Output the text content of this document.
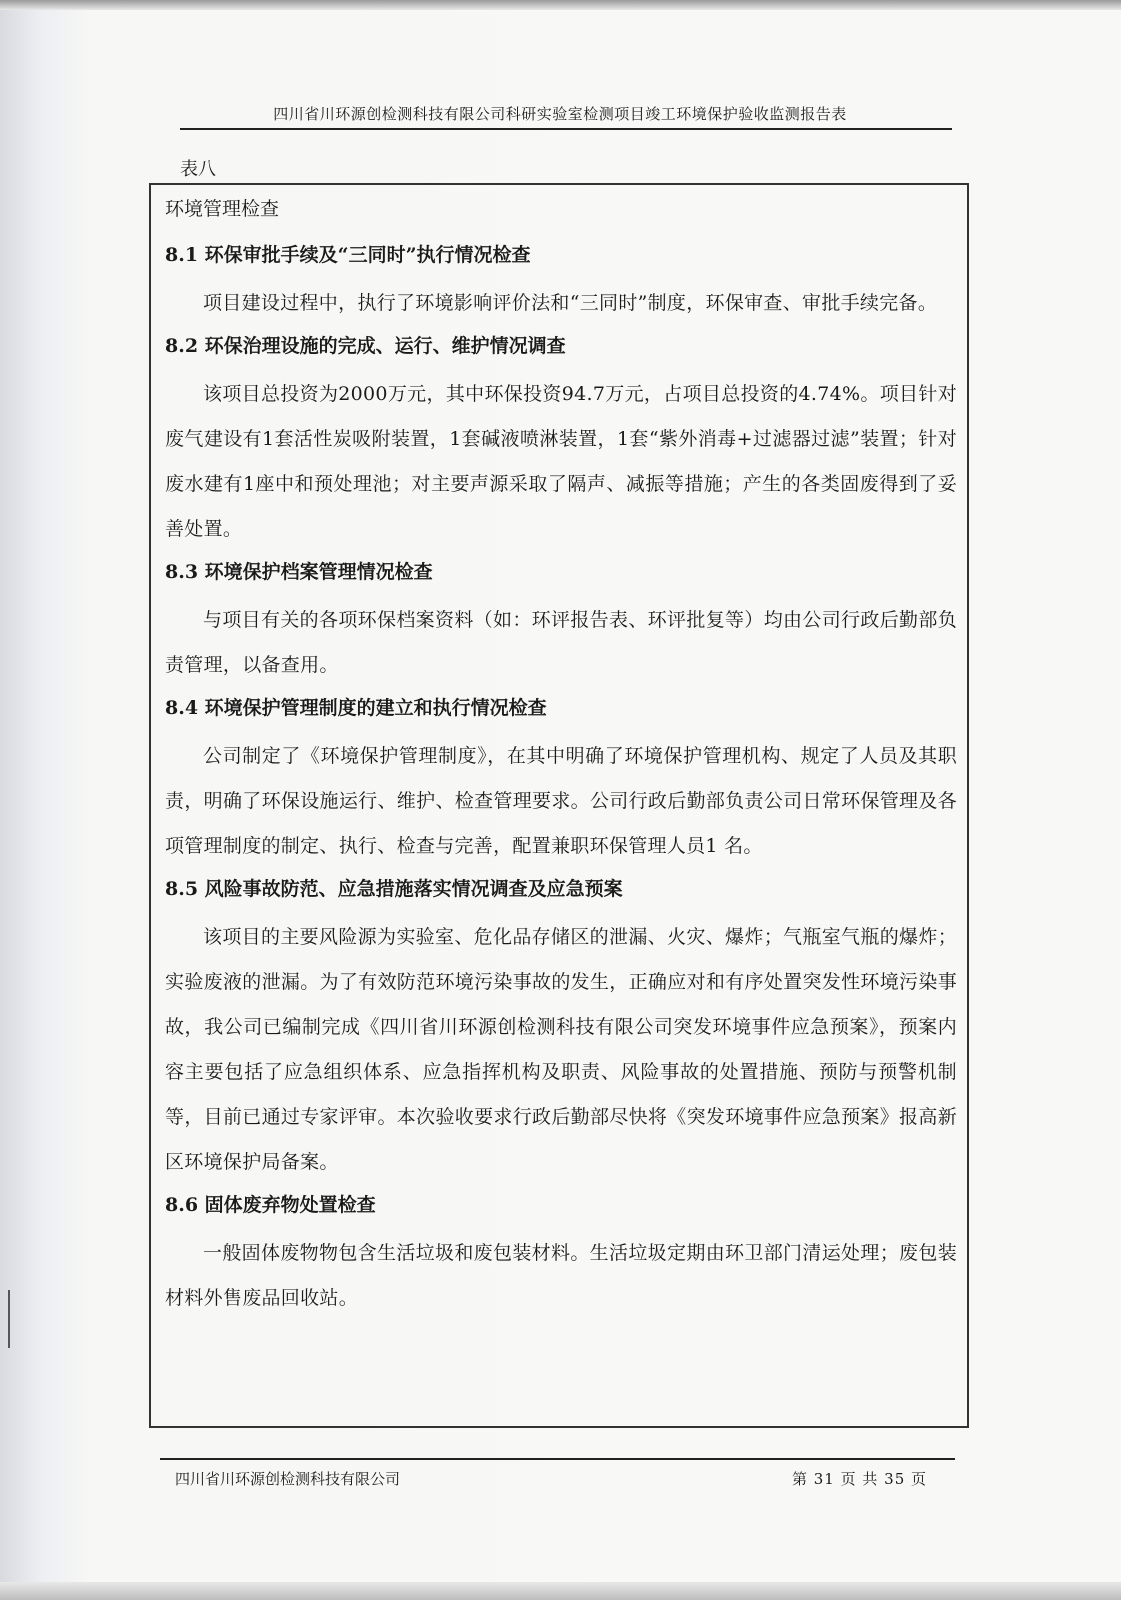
四川省川环源创检测科技有限公司科研实验室检测项目竣工环境保护验收监测报告表
表八
环境管理检查
8.1 环保审批手续及“三同时”执行情况检查

项目建设过程中，执行了环境影响评价法和“三同时”制度，环保审查、审批手续完备。

8.2 环保治理设施的完成、运行、维护情况调查

该项目总投资为2000万元，其中环保投资94.7万元，占项目总投资的4.74%。项目针对废气建设有1套活性炭吸附装置，1套碱液喷淋装置，1套“紫外消毒+过滤器过滤”装置；针对废水建有1座中和预处理池；对主要声源采取了隔声、减振等措施；产生的各类固废得到了妥善处置。

8.3 环境保护档案管理情况检查

与项目有关的各项环保档案资料（如：环评报告表、环评批复等）均由公司行政后勤部负责管理，以备查用。

8.4 环境保护管理制度的建立和执行情况检查

公司制定了《环境保护管理制度》，在其中明确了环境保护管理机构、规定了人员及其职责，明确了环保设施运行、维护、检查管理要求。公司行政后勤部负责公司日常环保管理及各项管理制度的制定、执行、检查与完善，配置兼职环保管理人员1 名。

8.5 风险事故防范、应急措施落实情况调查及应急预案

该项目的主要风险源为实验室、危化品存储区的泄漏、火灾、爆炸；气瓶室气瓶的爆炸；实验废液的泄漏。为了有效防范环境污染事故的发生，正确应对和有序处置突发性环境污染事故，我公司已编制完成《四川省川环源创检测科技有限公司突发环境事件应急预案》，预案内容主要包括了应急组织体系、应急指挥机构及职责、风险事故的处置措施、预防与预警机制等，目前已通过专家评审。本次验收要求行政后勤部尽快将《突发环境事件应急预案》报高新区环境保护局备案。

8.6 固体废弃物处置检查

一般固体废物物包含生活垃圾和废包装材料。生活垃圾定期由环卫部门清运处理；废包装材料外售废品回收站。

四川省川环源创检测科技有限公司	第 31 页 共 35 页
